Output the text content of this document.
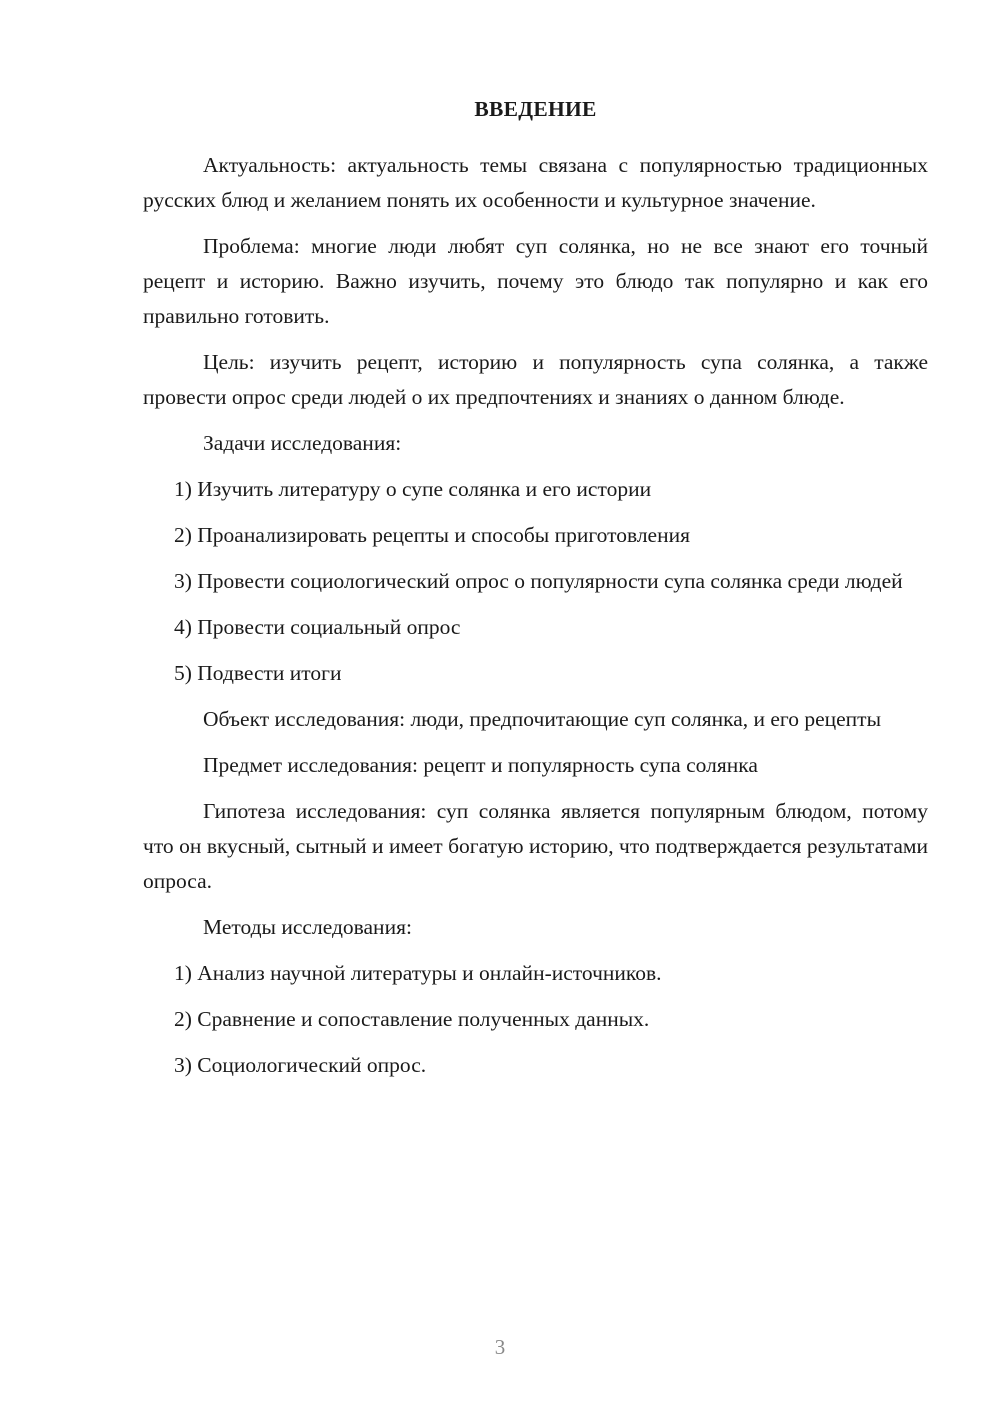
ВВЕДЕНИЕ

Актуальность: актуальность темы связана с популярностью традиционных русских блюд и желанием понять их особенности и культурное значение.

Проблема: многие люди любят суп солянка, но не все знают его точный рецепт и историю. Важно изучить, почему это блюдо так популярно и как его правильно готовить.

Цель: изучить рецепт, историю и популярность супа солянка, а также провести опрос среди людей о их предпочтениях и знаниях о данном блюде.

Задачи исследования:

1) Изучить литературу о супе солянка и его истории

2) Проанализировать рецепты и способы приготовления

3) Провести социологический опрос о популярности супа солянка среди людей

4) Провести социальный опрос

5) Подвести итоги

Объект исследования: люди, предпочитающие суп солянка, и его рецепты

Предмет исследования: рецепт и популярность супа солянка

Гипотеза исследования: суп солянка является популярным блюдом, потому что он вкусный, сытный и имеет богатую историю, что подтверждается результатами опроса.

Методы исследования:

1) Анализ научной литературы и онлайн-источников.

2) Сравнение и сопоставление полученных данных.

3) Социологический опрос.

3
